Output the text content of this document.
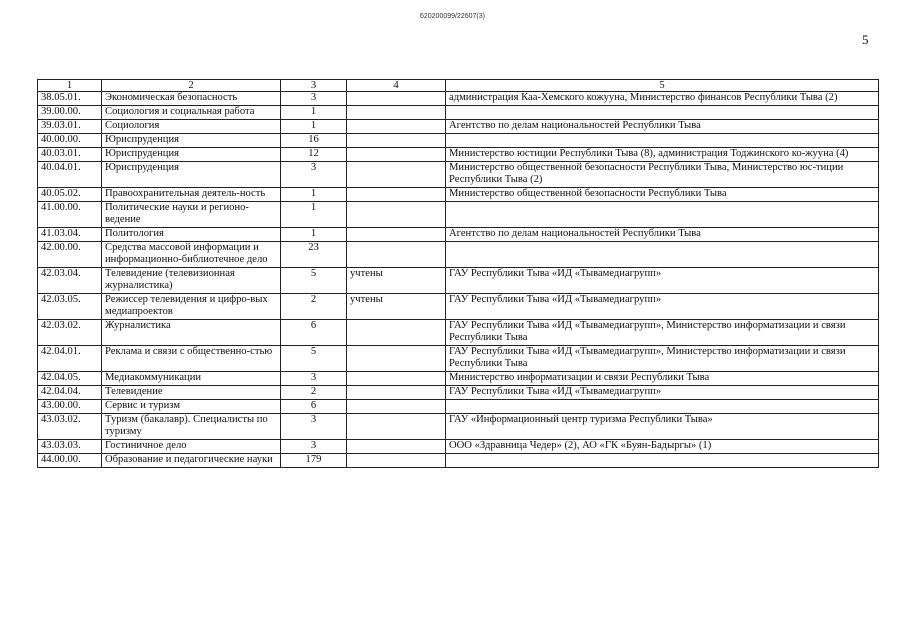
620200099/22607(3)
5
1	2	3	4	5
38.05.01.	Экономическая безопасность	3		администрация Каа-Хемского кожууна, Министерство финансов Республики Тыва (2)
39.00.00.	Социология и социальная работа	1		
39.03.01.	Социология	1		Агентство по делам национальностей Республики Тыва
40.00.00.	Юриспруденция	16		
40.03.01.	Юриспруденция	12		Министерство юстиции Республики Тыва (8), администрация Тоджинского ко-жууна (4)
40.04.01.	Юриспруденция	3		Министерство общественной безопасности Республики Тыва, Министерство юс-тиции Республики Тыва (2)
40.05.02.	Правоохранительная деятель-ность	1		Министерство общественной безопасности Республики Тыва
41.00.00.	Политические науки и регионо-ведение	1		
41.03.04.	Политология	1		Агентство по делам национальностей Республики Тыва
42.00.00.	Средства массовой информации и информационно-библиотечное дело	23		
42.03.04.	Телевидение (телевизионная журналистика)	5	учтены	ГАУ Республики Тыва «ИД «Тывамедиагрупп»
42.03.05.	Режиссер телевидения и цифро-вых медиапроектов	2	учтены	ГАУ Республики Тыва «ИД «Тывамедиагрупп»
42.03.02.	Журналистика	6		ГАУ Республики Тыва «ИД «Тывамедиагрупп», Министерство информатизации и связи Республики Тыва
42.04.01.	Реклама и связи с общественно-стью	5		ГАУ Республики Тыва «ИД «Тывамедиагрупп», Министерство информатизации и связи Республики Тыва
42.04.05.	Медиакоммуникации	3		Министерство информатизации и связи Республики Тыва
42.04.04.	Телевидение	2		ГАУ Республики Тыва «ИД «Тывамедиагрупп»
43.00.00.	Сервис и туризм	6		
43.03.02.	Туризм (бакалавр). Специалисты по туризму	3		ГАУ «Информационный центр туризма Республики Тыва»
43.03.03.	Гостиничное дело	3		ООО «Здравница Чедер» (2), АО «ГК «Буян-Бадыргы» (1)
44.00.00.	Образование и педагогические науки	179		
